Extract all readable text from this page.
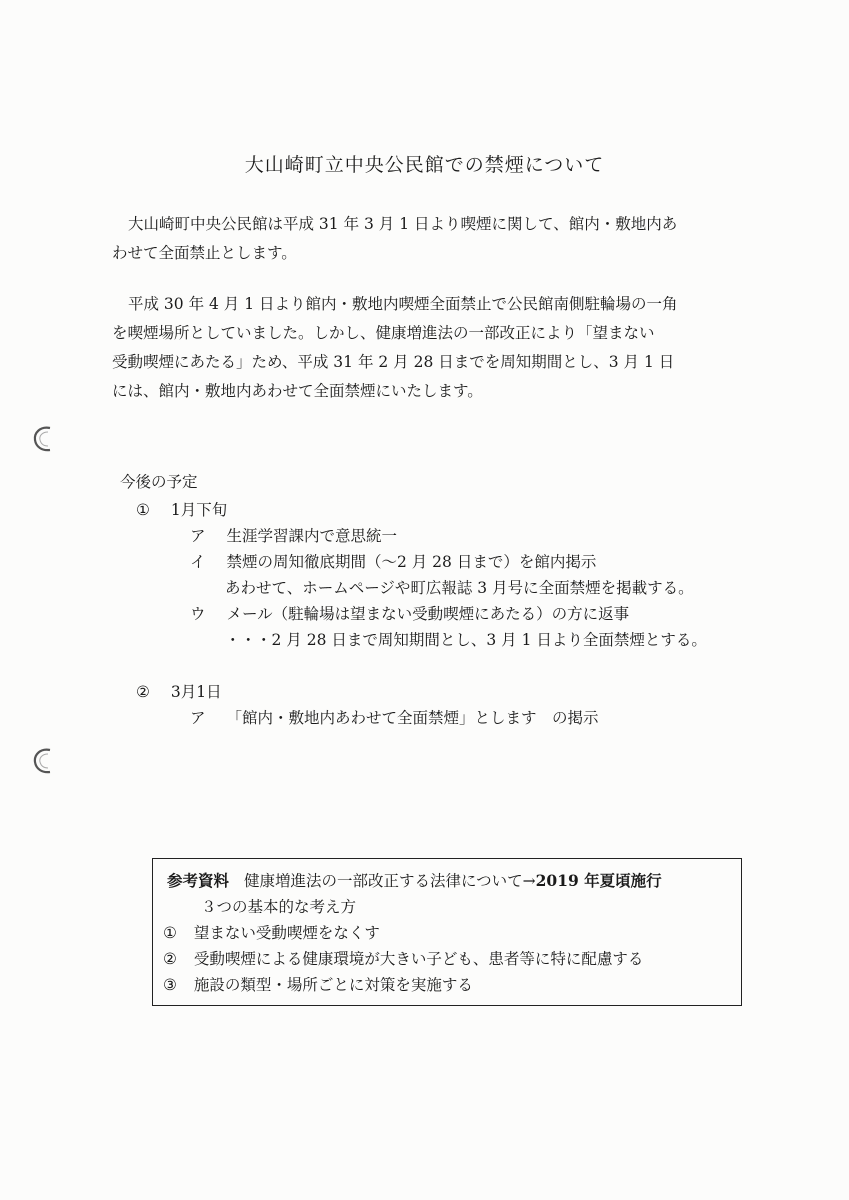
大山崎町立中央公民館での禁煙について
大山崎町中央公民館は平成 31 年 3 月 1 日より喫煙に関して、館内・敷地内あ
わせて全面禁止とします。
平成 30 年 4 月 1 日より館内・敷地内喫煙全面禁止で公民館南側駐輪場の一角
を喫煙場所としていました。しかし、健康増進法の一部改正により「望まない
受動喫煙にあたる」ため、平成 31 年 2 月 28 日までを周知期間とし、3 月 1 日
には、館内・敷地内あわせて全面禁煙にいたします。
今後の予定
① 1月下旬
ア 生涯学習課内で意思統一
イ 禁煙の周知徹底期間（〜2 月 28 日まで）を館内掲示
あわせて、ホームページや町広報誌 3 月号に全面禁煙を掲載する。
ウ メール（駐輪場は望まない受動喫煙にあたる）の方に返事
・・・2 月 28 日まで周知期間とし、3 月 1 日より全面禁煙とする。
② 3月1日
ア 「館内・敷地内あわせて全面禁煙」とします　の掲示
参考資料 健康増進法の一部改正する法律について→2019 年夏頃施行
３つの基本的な考え方
① 望まない受動喫煙をなくす
② 受動喫煙による健康環境が大きい子ども、患者等に特に配慮する
③ 施設の類型・場所ごとに対策を実施する
